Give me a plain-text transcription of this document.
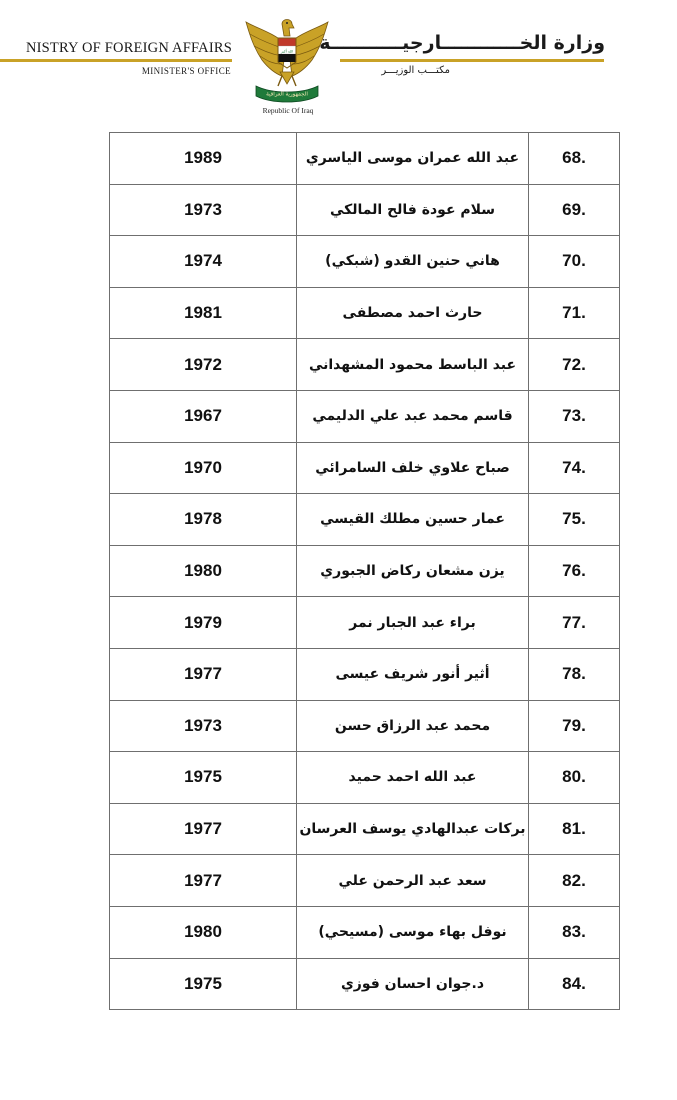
NISTRY OF FOREIGN AFFAIRS
MINISTER'S OFFICE
الله أكبر
الجمهورية العراقية
Republic Of Iraq
وزارة الخــــــــــــارجيـــــــــــة
مكتـــب الوزيـــر
1989	عبد الله عمران موسى الياسري	68.
1973	سلام عودة فالح المالكي	69.
1974	هاني حنين القدو (شبكي)	70.
1981	حارث احمد مصطفى	71.
1972	عبد الباسط محمود المشهداني	72.
1967	قاسم محمد عبد علي الدليمي	73.
1970	صباح علاوي خلف السامرائي	74.
1978	عمار حسين مطلك القيسي	75.
1980	يزن مشعان ركاض الجبوري	76.
1979	براء عبد الجبار نمر	77.
1977	أثير أنور شريف عيسى	78.
1973	محمد عبد الرزاق حسن	79.
1975	عبد الله احمد حميد	80.
1977	بركات عبدالهادي يوسف العرسان	81.
1977	سعد عبد الرحمن علي	82.
1980	نوفل بهاء موسى (مسيحي)	83.
1975	د.جوان احسان فوزي	84.
